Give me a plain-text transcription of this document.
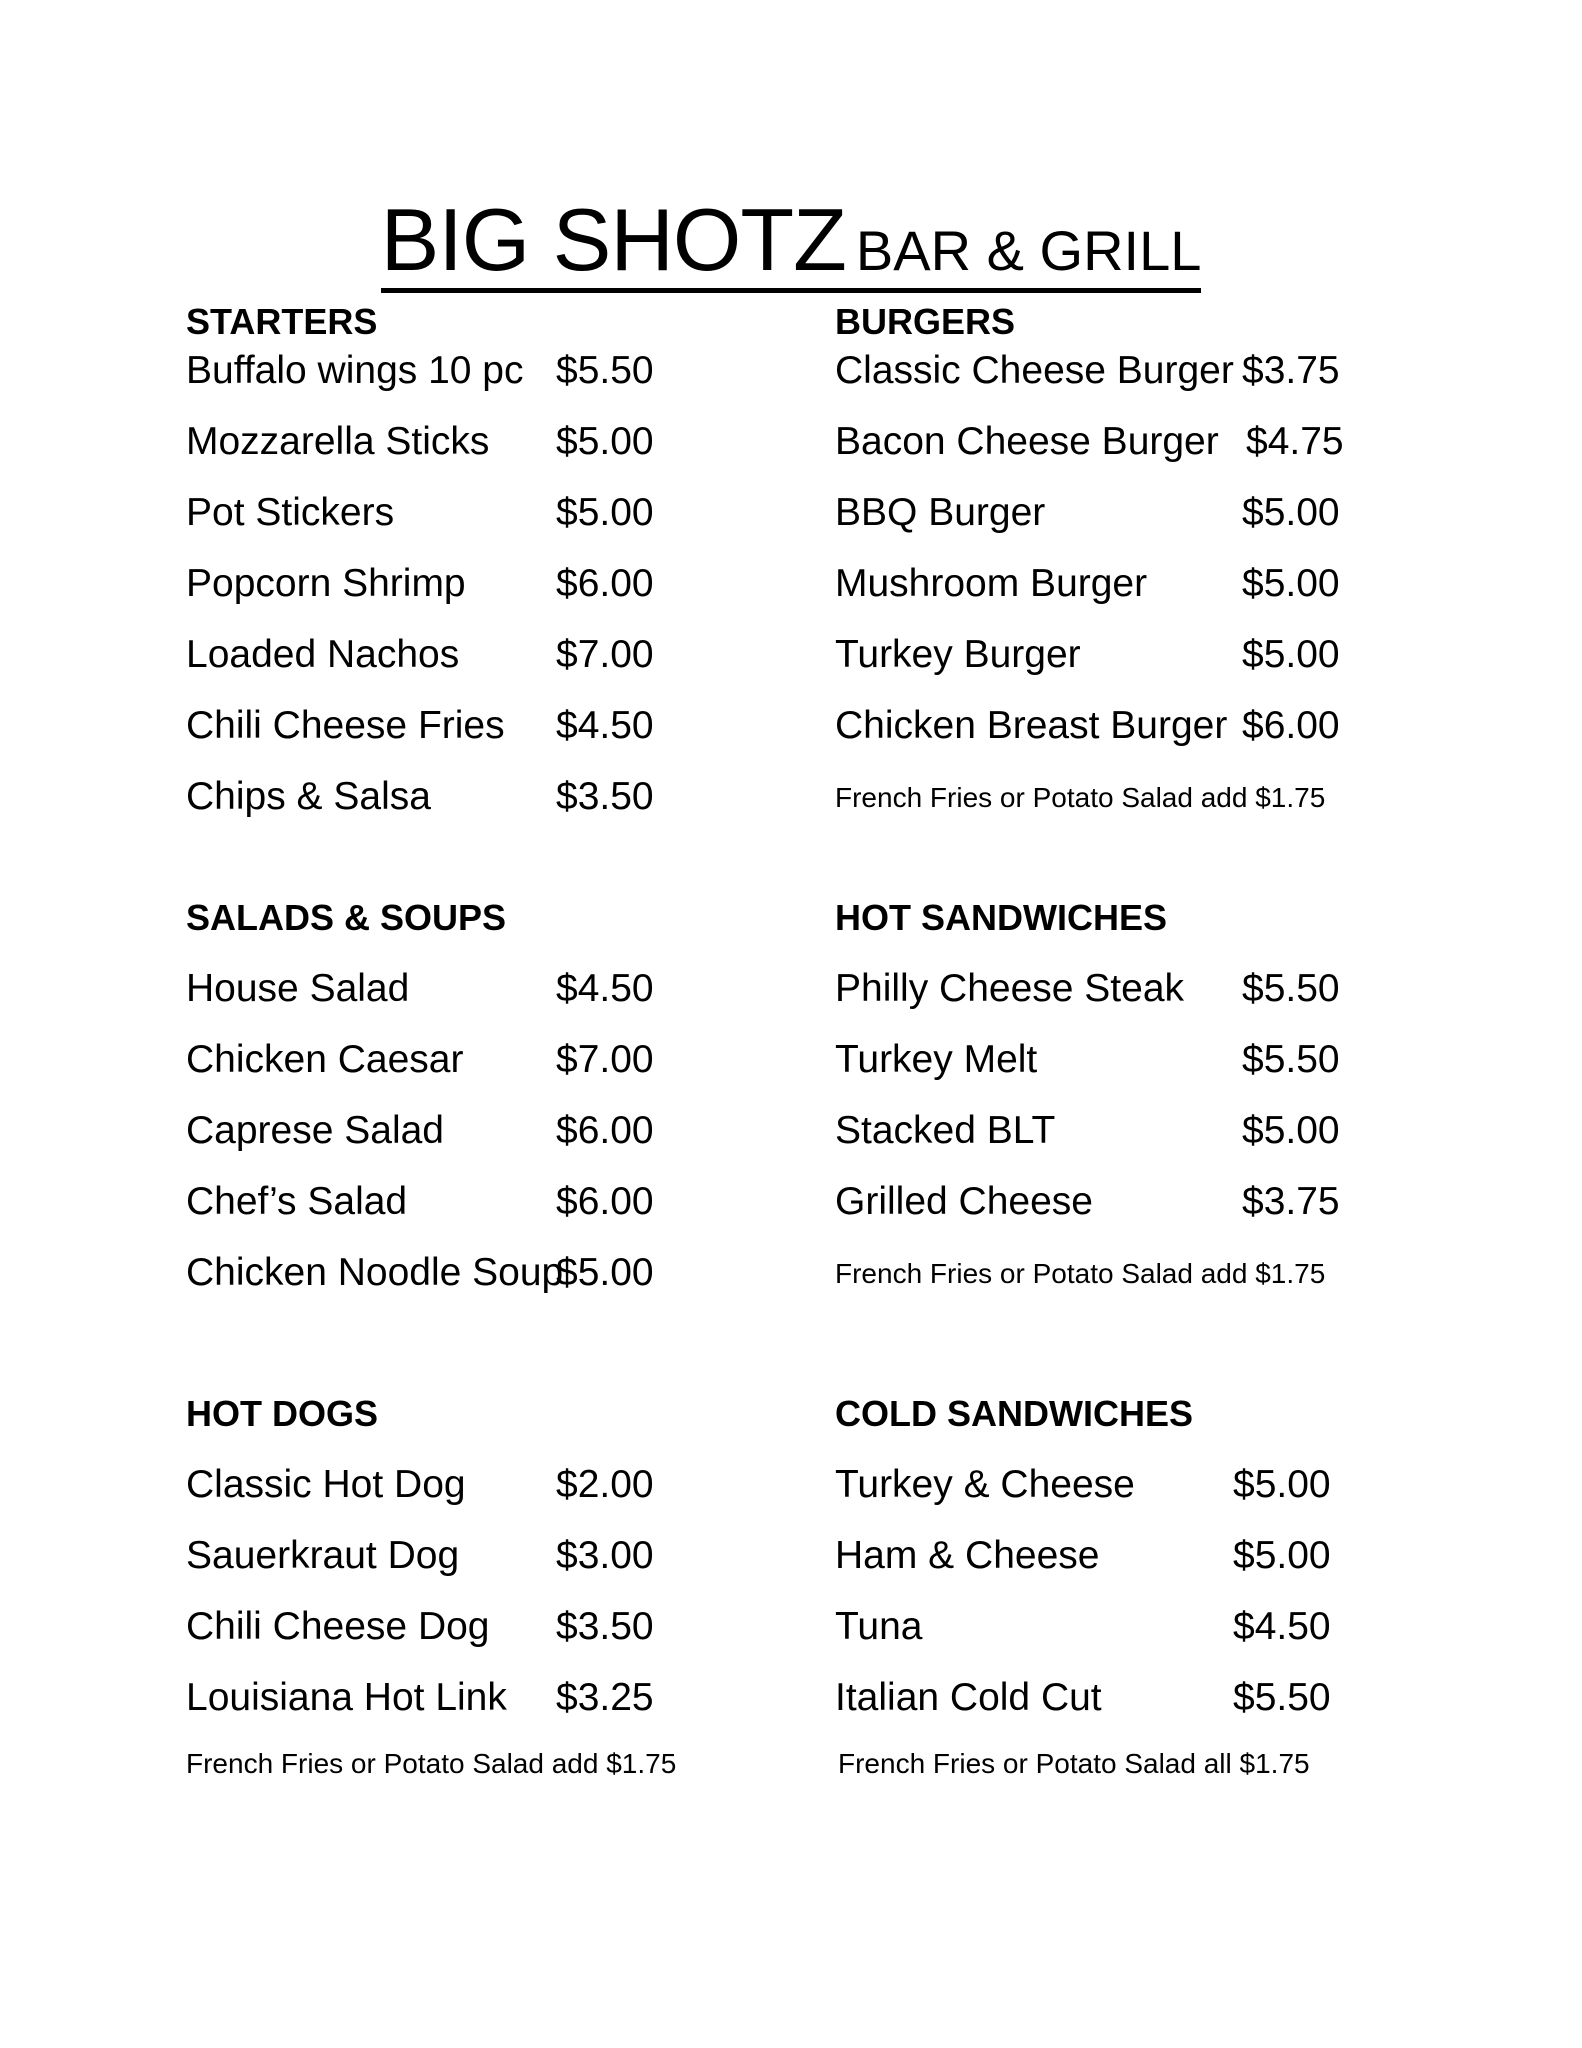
BIG SHOTZ BAR & GRILL
STARTERS
Buffalo wings 10 pc $5.50
Mozzarella Sticks $5.00
Pot Stickers	$5.00
Popcorn Shrimp $6.00
Loaded Nachos $7.00
Chili Cheese Fries $4.50
Chips & Salsa	$3.50
BURGERS
Classic Cheese Burger $3.75
Bacon Cheese Burger $4.75
BBQ Burger	$5.00
Mushroom Burger $5.00
Turkey Burger	$5.00
Chicken Breast Burger $6.00
French Fries or Potato Salad add $1.75
SALADS & SOUPS
House Salad	$4.50
Chicken Caesar $7.00
Caprese Salad	$6.00
Chef’s Salad	$6.00
Chicken Noodle Soup
$5.00
HOT SANDWICHES
Philly Cheese Steak $5.50
Turkey Melt	$5.50
Stacked BLT	$5.00
Grilled Cheese	$3.75
French Fries or Potato Salad add $1.75
HOT DOGS
Classic Hot Dog $2.00
Sauerkraut Dog $3.00
Chili Cheese Dog $3.50
Louisiana Hot Link $3.25
French Fries or Potato Salad add $1.75
COLD SANDWICHES
Turkey & Cheese	$5.00
Ham & Cheese	$5.00
Tuna	$4.50
Italian Cold Cut	$5.50
French Fries or Potato Salad all $1.75
